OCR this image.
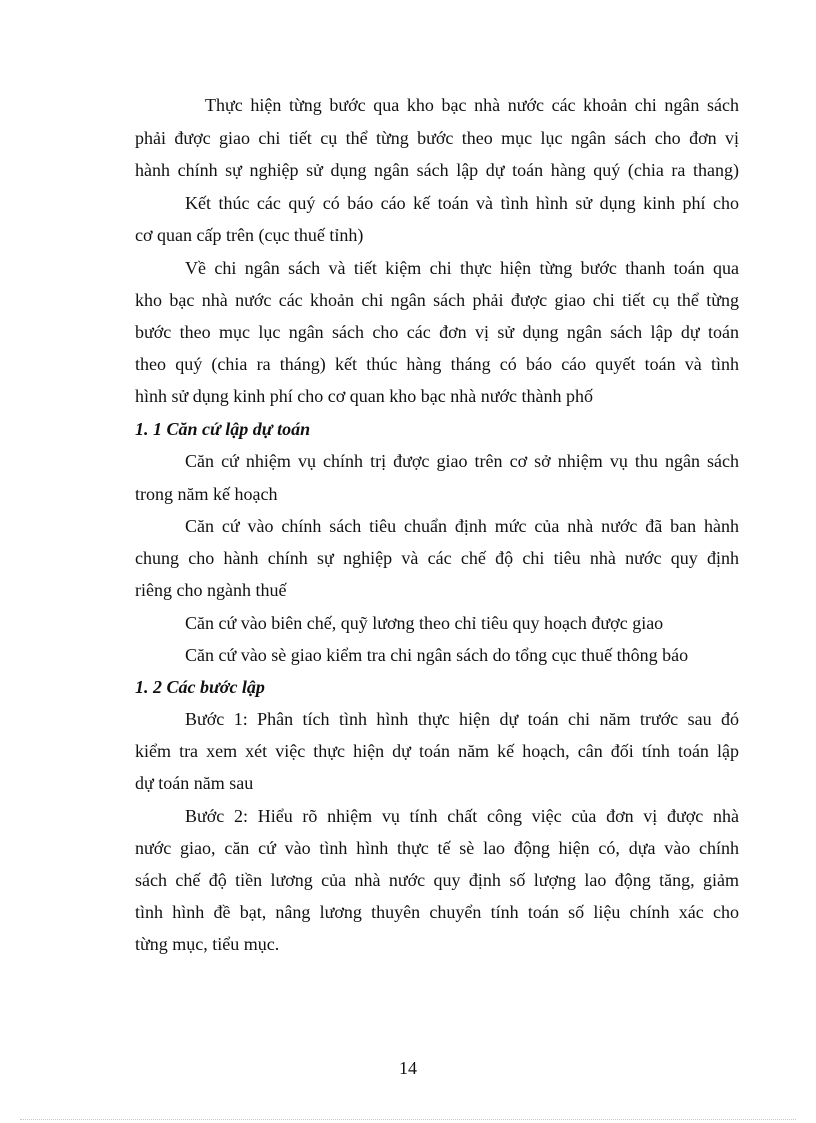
Thực hiện từng bước qua kho bạc nhà nước các khoản chi ngân sách
phải được giao chi tiết cụ thể từng bước theo mục lục ngân sách cho đơn vị
hành chính sự nghiệp sử dụng ngân sách lập dự toán hàng quý (chia ra thang)
Kết thúc các quý có báo cáo kế toán và tình hình sử dụng kinh phí cho
cơ quan cấp trên (cục thuế tỉnh)
Về chi ngân sách và tiết kiệm chi thực hiện từng bước thanh toán qua
kho bạc nhà nước các khoản chi ngân sách phải được giao chi tiết cụ thể từng
bước theo mục lục ngân sách cho các đơn vị sử dụng ngân sách lập dự toán
theo quý (chia ra tháng) kết thúc hàng tháng có báo cáo quyết toán và tình
hình sử dụng kinh phí cho cơ quan kho bạc nhà nước thành phố
1. 1 Căn cứ lập dự toán
Căn cứ nhiệm vụ chính trị được giao trên cơ sở nhiệm vụ thu ngân sách
trong năm kế hoạch
Căn cứ vào chính sách tiêu chuẩn định mức của nhà nước đã ban hành
chung cho hành chính sự nghiệp và các chế độ chi tiêu nhà nước quy định
riêng cho ngành thuế
Căn cứ vào biên chế, quỹ lương theo chỉ tiêu quy hoạch được giao
Căn cứ vào sè giao kiểm tra chi ngân sách do tổng cục thuế thông báo
1. 2 Các bước lập
Bước 1: Phân tích tình hình thực hiện dự toán chi năm trước sau đó
kiểm tra xem xét việc thực hiện dự toán năm kế hoạch, cân đối tính toán lập
dự toán năm sau
Bước 2: Hiểu rõ nhiệm vụ tính chất công việc của đơn vị được nhà
nước giao, căn cứ vào tình hình thực tế sè lao động hiện có, dựa vào chính
sách chế độ tiền lương của nhà nước quy định số lượng lao động tăng, giảm
tình hình đề bạt, nâng lương thuyên chuyển tính toán số liệu chính xác cho
từng mục, tiểu mục.
14
